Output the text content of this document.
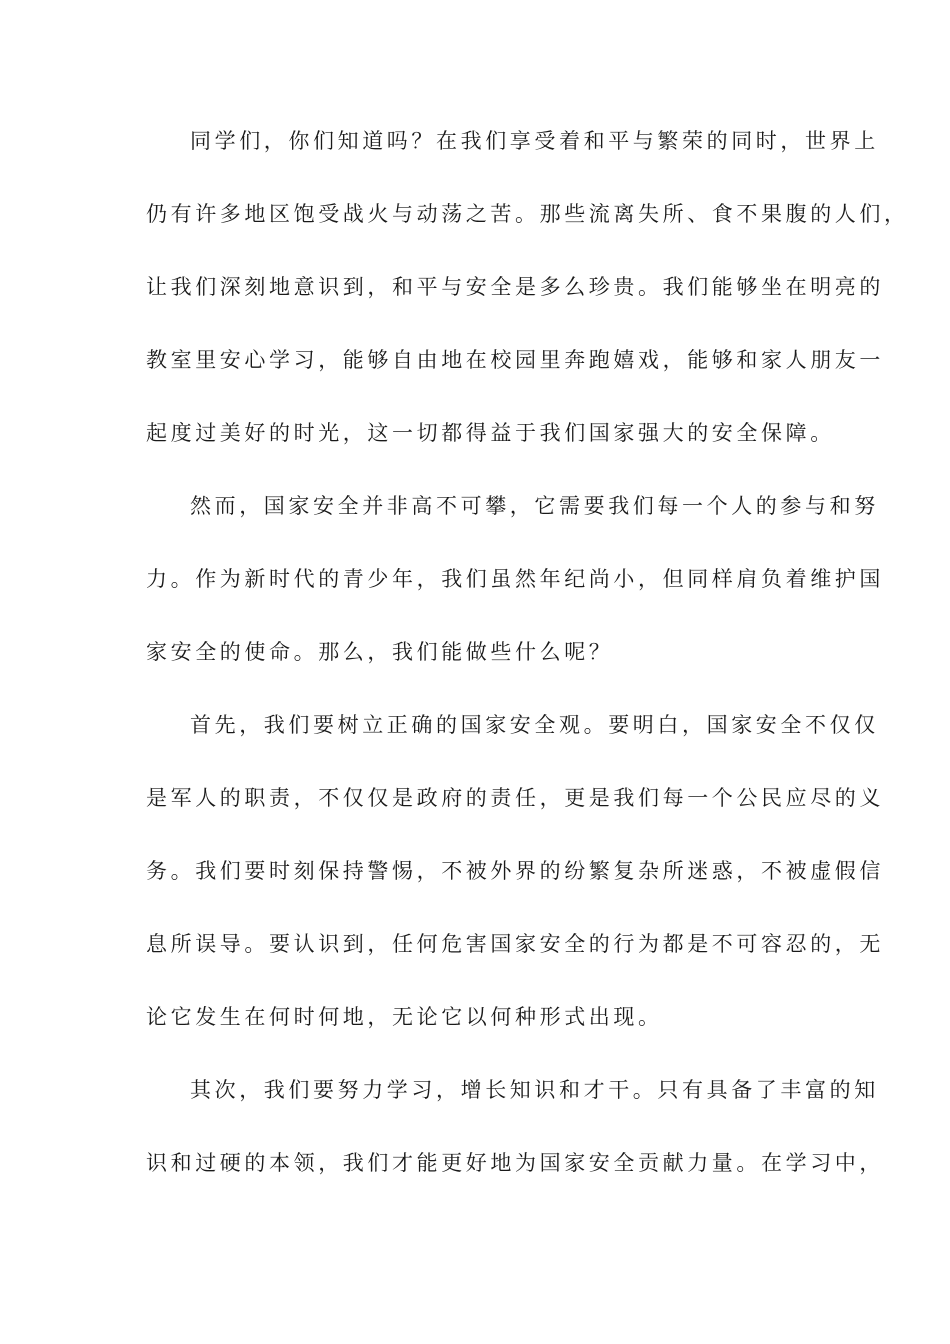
同学们，你们知道吗？在我们享受着和平与繁荣的同时，世界上
仍有许多地区饱受战火与动荡之苦。那些流离失所、食不果腹的人们，
让我们深刻地意识到，和平与安全是多么珍贵。我们能够坐在明亮的
教室里安心学习，能够自由地在校园里奔跑嬉戏，能够和家人朋友一
起度过美好的时光，这一切都得益于我们国家强大的安全保障。
然而，国家安全并非高不可攀，它需要我们每一个人的参与和努
力。作为新时代的青少年，我们虽然年纪尚小，但同样肩负着维护国
家安全的使命。那么，我们能做些什么呢？
首先，我们要树立正确的国家安全观。要明白，国家安全不仅仅
是军人的职责，不仅仅是政府的责任，更是我们每一个公民应尽的义
务。我们要时刻保持警惕，不被外界的纷繁复杂所迷惑，不被虚假信
息所误导。要认识到，任何危害国家安全的行为都是不可容忍的，无
论它发生在何时何地，无论它以何种形式出现。
其次，我们要努力学习，增长知识和才干。只有具备了丰富的知
识和过硬的本领，我们才能更好地为国家安全贡献力量。在学习中，
